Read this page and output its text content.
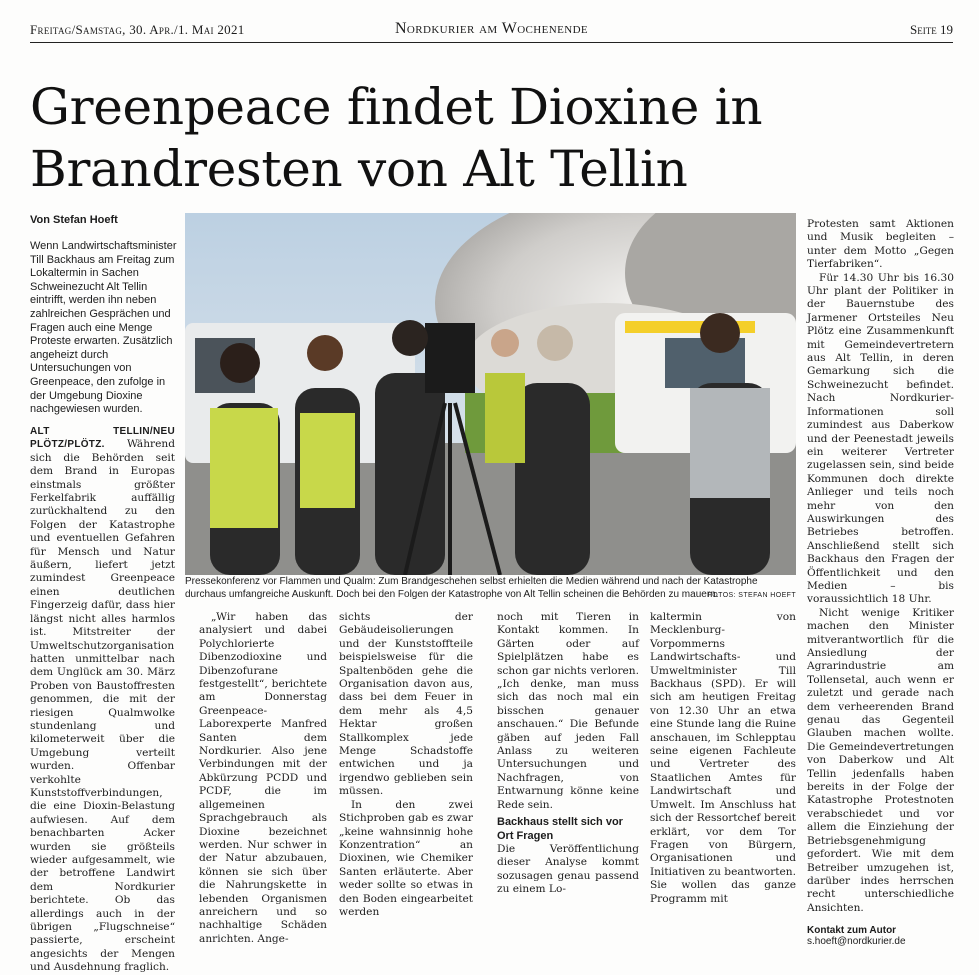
Freitag/Samstag, 30. Apr./1. Mai 2021	Nordkurier am Wochenende	Seite 19
Greenpeace findet Dioxine in Brandresten von Alt Tellin
Von Stefan Hoeft

Wenn Landwirtschaftsminister Till Backhaus am Freitag zum Lokaltermin in Sachen Schweinezucht Alt Tellin eintrifft, werden ihn neben zahlreichen Gesprächen und Fragen auch eine Menge Proteste erwarten. Zusätzlich angeheizt durch Untersuchungen von Greenpeace, den zufolge in der Umgebung Dioxine nachgewiesen wurden.

ALT TELLIN/NEU PLÖTZ/PLÖTZ. Während sich die Behörden seit dem Brand in Europas einstmals größter Ferkelfabrik auffällig zurückhaltend zu den Folgen der Katastrophe und eventuellen Gefahren für Mensch und Natur äußern, liefert jetzt zumindest Greenpeace einen deutlichen Fingerzeig dafür, dass hier längst nicht alles harmlos ist. Mitstreiter der Umweltschutzorganisation hatten unmittelbar nach dem Unglück am 30. März Proben von Baustoffresten genommen, die mit der riesigen Qualmwolke stundenlang und kilometerweit über die Umgebung verteilt wurden. Offenbar verkohlte Kunststoffverbindungen, die eine Dioxin-Belastung aufwiesen. Auf dem benachbarten Acker wurden sie größteils wieder aufgesammelt, wie der betroffene Landwirt dem Nordkurier berichtete. Ob das allerdings auch in der übrigen „Flugschneise“ passierte, erscheint angesichts der Mengen und Ausdehnung fraglich.

Pressekonferenz vor Flammen und Qualm: Zum Brandgeschehen selbst erhielten die Medien während und nach der Katastrophe durchaus umfangreiche Auskunft. Doch bei den Folgen der Katastrophe von Alt Tellin scheinen die Behörden zu mauern.

FOTOS: STEFAN HOEFT

„Wir haben das analysiert und dabei Polychlorierte Dibenzodioxine und Dibenzofurane festgestellt“, berichtete am Donnerstag Greenpeace-Laborexperte Manfred Santen dem Nordkurier. Also jene Verbindungen mit der Abkürzung PCDD und PCDF, die im allgemeinen Sprachgebrauch als Dioxine bezeichnet werden. Nur schwer in der Natur abzubauen, können sie sich über die Nahrungskette in lebenden Organismen anreichern und so nachhaltige Schäden anrichten. Ange-

sichts der Gebäudeisolierungen und der Kunststoffteile beispielsweise für die Spaltenböden gehe die Organisation davon aus, dass bei dem Feuer in dem mehr als 4,5 Hektar großen Stallkomplex jede Menge Schadstoffe entwichen und ja irgendwo geblieben sein müssen.

In den zwei Stichproben gab es zwar „keine wahnsinnig hohe Konzentration“ an Dioxinen, wie Chemiker Santen erläuterte. Aber weder sollte so etwas in den Boden eingearbeitet werden

noch mit Tieren in Kontakt kommen. In Gärten oder auf Spielplätzen habe es schon gar nichts verloren. „Ich denke, man muss sich das noch mal ein bisschen genauer anschauen.“ Die Befunde gäben auf jeden Fall Anlass zu weiteren Untersuchungen und Nachfragen, von Entwarnung könne keine Rede sein.

Backhaus stellt sich vor Ort Fragen

Die Veröffentlichung dieser Analyse kommt sozusagen genau passend zu einem Lo-

kaltermin von Mecklenburg-Vorpommerns Landwirtschafts- und Umweltminister Till Backhaus (SPD). Er will sich am heutigen Freitag von 12.30 Uhr an etwa eine Stunde lang die Ruine anschauen, im Schlepptau seine eigenen Fachleute und Vertreter des Staatlichen Amtes für Landwirtschaft und Umwelt. Im Anschluss hat sich der Ressortchef bereit erklärt, vor dem Tor Fragen von Bürgern, Organisationen und Initiativen zu beantworten. Sie wollen das ganze Programm mit

Protesten samt Aktionen und Musik begleiten – unter dem Motto „Gegen Tierfabriken“.

Für 14.30 Uhr bis 16.30 Uhr plant der Politiker in der Bauernstube des Jarmener Ortsteiles Neu Plötz eine Zusammenkunft mit Gemeindevertretern aus Alt Tellin, in deren Gemarkung sich die Schweinezucht befindet. Nach Nordkurier-Informationen soll zumindest aus Daberkow und der Peenestadt jeweils ein weiterer Vertreter zugelassen sein, sind beide Kommunen doch direkte Anlieger und teils noch mehr von den Auswirkungen des Betriebes betroffen. Anschließend stellt sich Backhaus den Fragen der Öffentlichkeit und den Medien – bis voraussichtlich 18 Uhr.

Nicht wenige Kritiker machen den Minister mitverantwortlich für die Ansiedlung der Agrarindustrie am Tollensetal, auch wenn er zuletzt und gerade nach dem verheerenden Brand genau das Gegenteil Glauben machen wollte. Die Gemeindevertretungen von Daberkow und Alt Tellin jedenfalls haben bereits in der Folge der Katastrophe Protestnoten verabschiedet und vor allem die Einziehung der Betriebsgenehmigung gefordert. Wie mit dem Betreiber umzugehen ist, darüber indes herrschen recht unterschiedliche Ansichten.

Kontakt zum Autor
s.hoeft@nordkurier.de
